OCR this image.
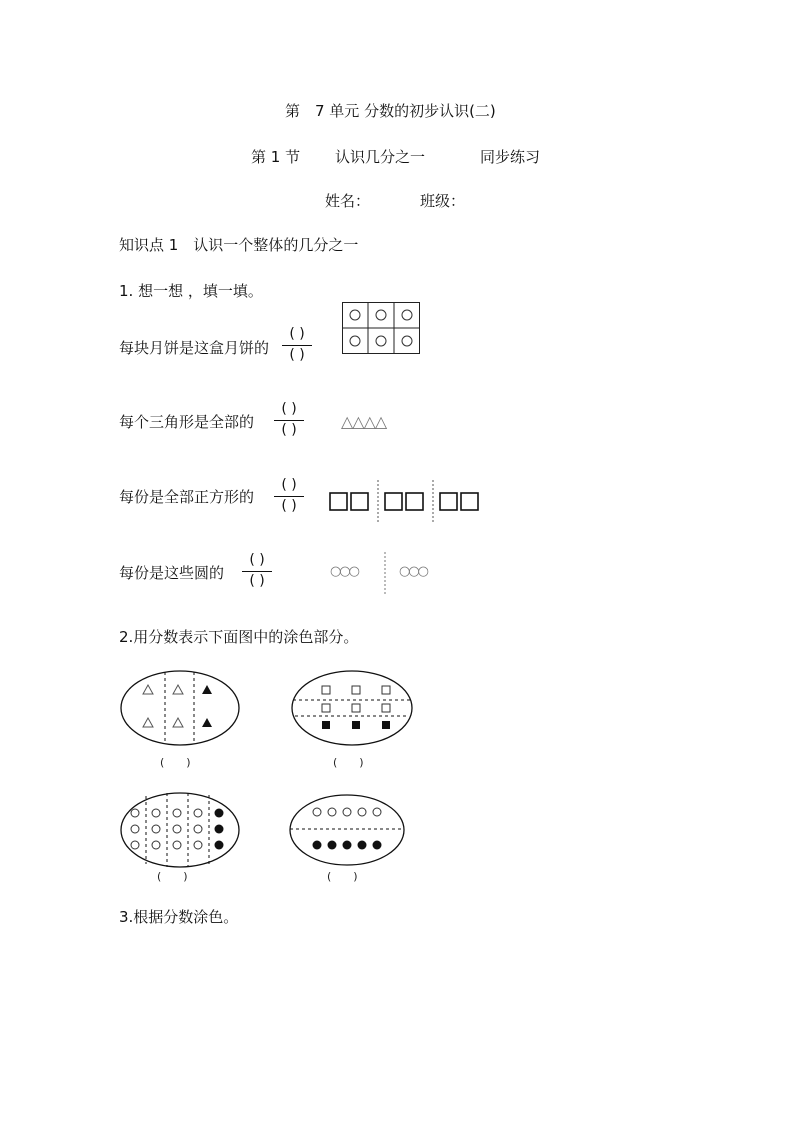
第　7 单元 分数的初步认识(二)
第 1 节 认识几分之一	同步练习
姓名：	班级：
知识点 1　认识一个整体的几分之一
1. 想一想 ，填一填。
每块月饼是这盒月饼的
( )
( )
每个三角形是全部的
( )
( )	△△△△
每份是全部正方形的
( )
( )
每份是这些圆的
( )
( )
○○○	○○○
2.用分数表示下面图中的涂色部分。
(　　)	(　　)
(　　)	(　　)
3.根据分数涂色。
